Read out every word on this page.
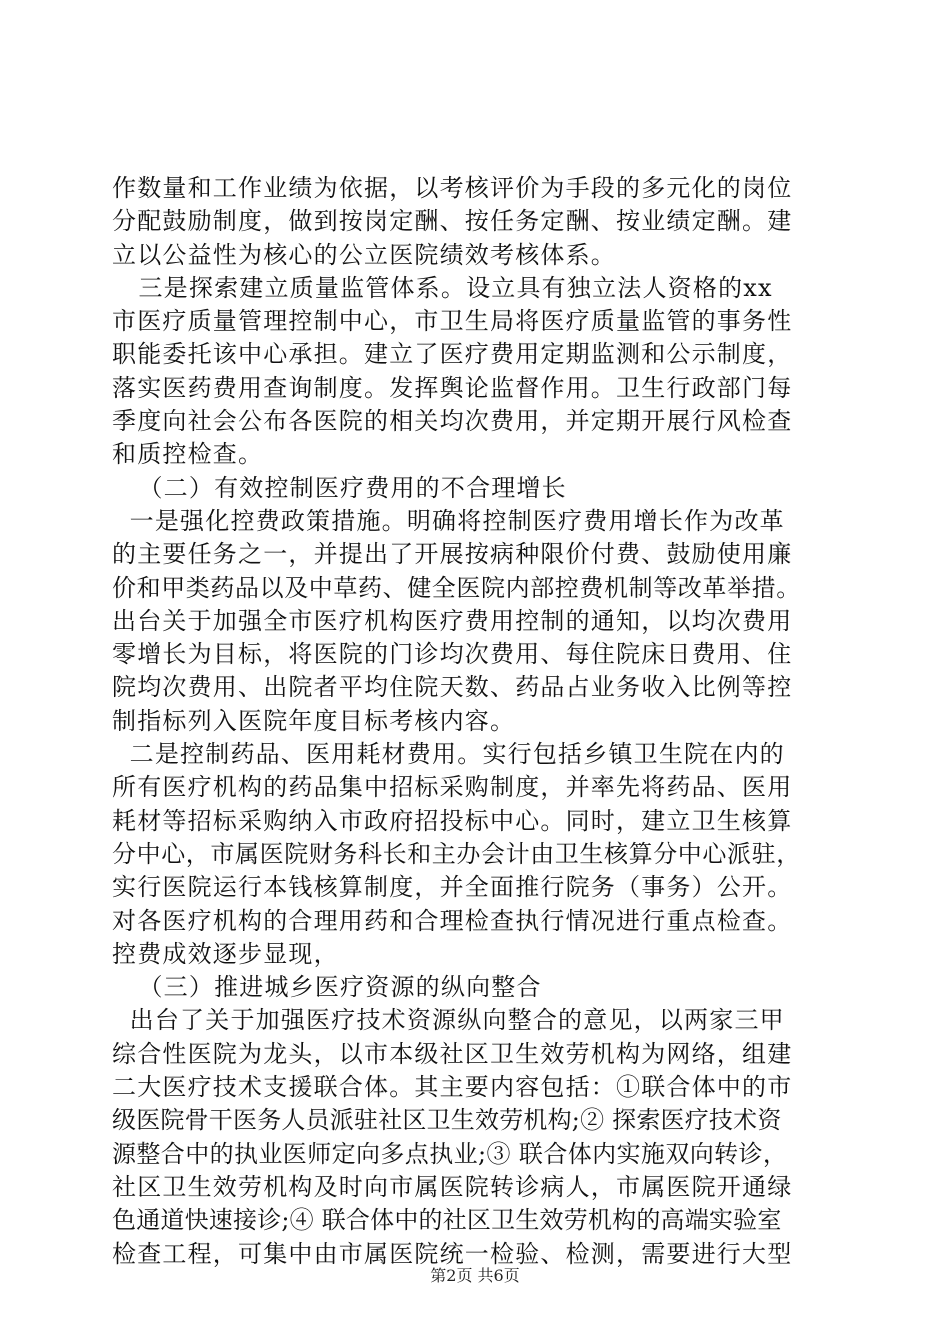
作数量和工作业绩为依据，以考核评价为手段的多元化的岗位
分配鼓励制度，做到按岗定酬、按任务定酬、按业绩定酬。建
立以公益性为核心的公立医院绩效考核体系。
三是探索建立质量监管体系。设立具有独立法人资格的xx
市医疗质量管理控制中心，市卫生局将医疗质量监管的事务性
职能委托该中心承担。建立了医疗费用定期监测和公示制度，
落实医药费用查询制度。发挥舆论监督作用。卫生行政部门每
季度向社会公布各医院的相关均次费用，并定期开展行风检查
和质控检查。
（二）有效控制医疗费用的不合理增长
一是强化控费政策措施。明确将控制医疗费用增长作为改革
的主要任务之一，并提出了开展按病种限价付费、鼓励使用廉
价和甲类药品以及中草药、健全医院内部控费机制等改革举措。
出台关于加强全市医疗机构医疗费用控制的通知，以均次费用
零增长为目标，将医院的门诊均次费用、每住院床日费用、住
院均次费用、出院者平均住院天数、药品占业务收入比例等控
制指标列入医院年度目标考核内容。
二是控制药品、医用耗材费用。实行包括乡镇卫生院在内的
所有医疗机构的药品集中招标采购制度，并率先将药品、医用
耗材等招标采购纳入市政府招投标中心。同时，建立卫生核算
分中心，市属医院财务科长和主办会计由卫生核算分中心派驻，
实行医院运行本钱核算制度，并全面推行院务（事务）公开。
对各医疗机构的合理用药和合理检查执行情况进行重点检查。
控费成效逐步显现，
（三）推进城乡医疗资源的纵向整合
出台了关于加强医疗技术资源纵向整合的意见，以两家三甲
综合性医院为龙头，以市本级社区卫生效劳机构为网络，组建
二大医疗技术支援联合体。其主要内容包括：①联合体中的市
级医院骨干医务人员派驻社区卫生效劳机构;② 探索医疗技术资
源整合中的执业医师定向多点执业;③ 联合体内实施双向转诊，
社区卫生效劳机构及时向市属医院转诊病人，市属医院开通绿
色通道快速接诊;④ 联合体中的社区卫生效劳机构的高端实验室
检查工程，可集中由市属医院统一检验、检测，需要进行大型
第2页 共6页
